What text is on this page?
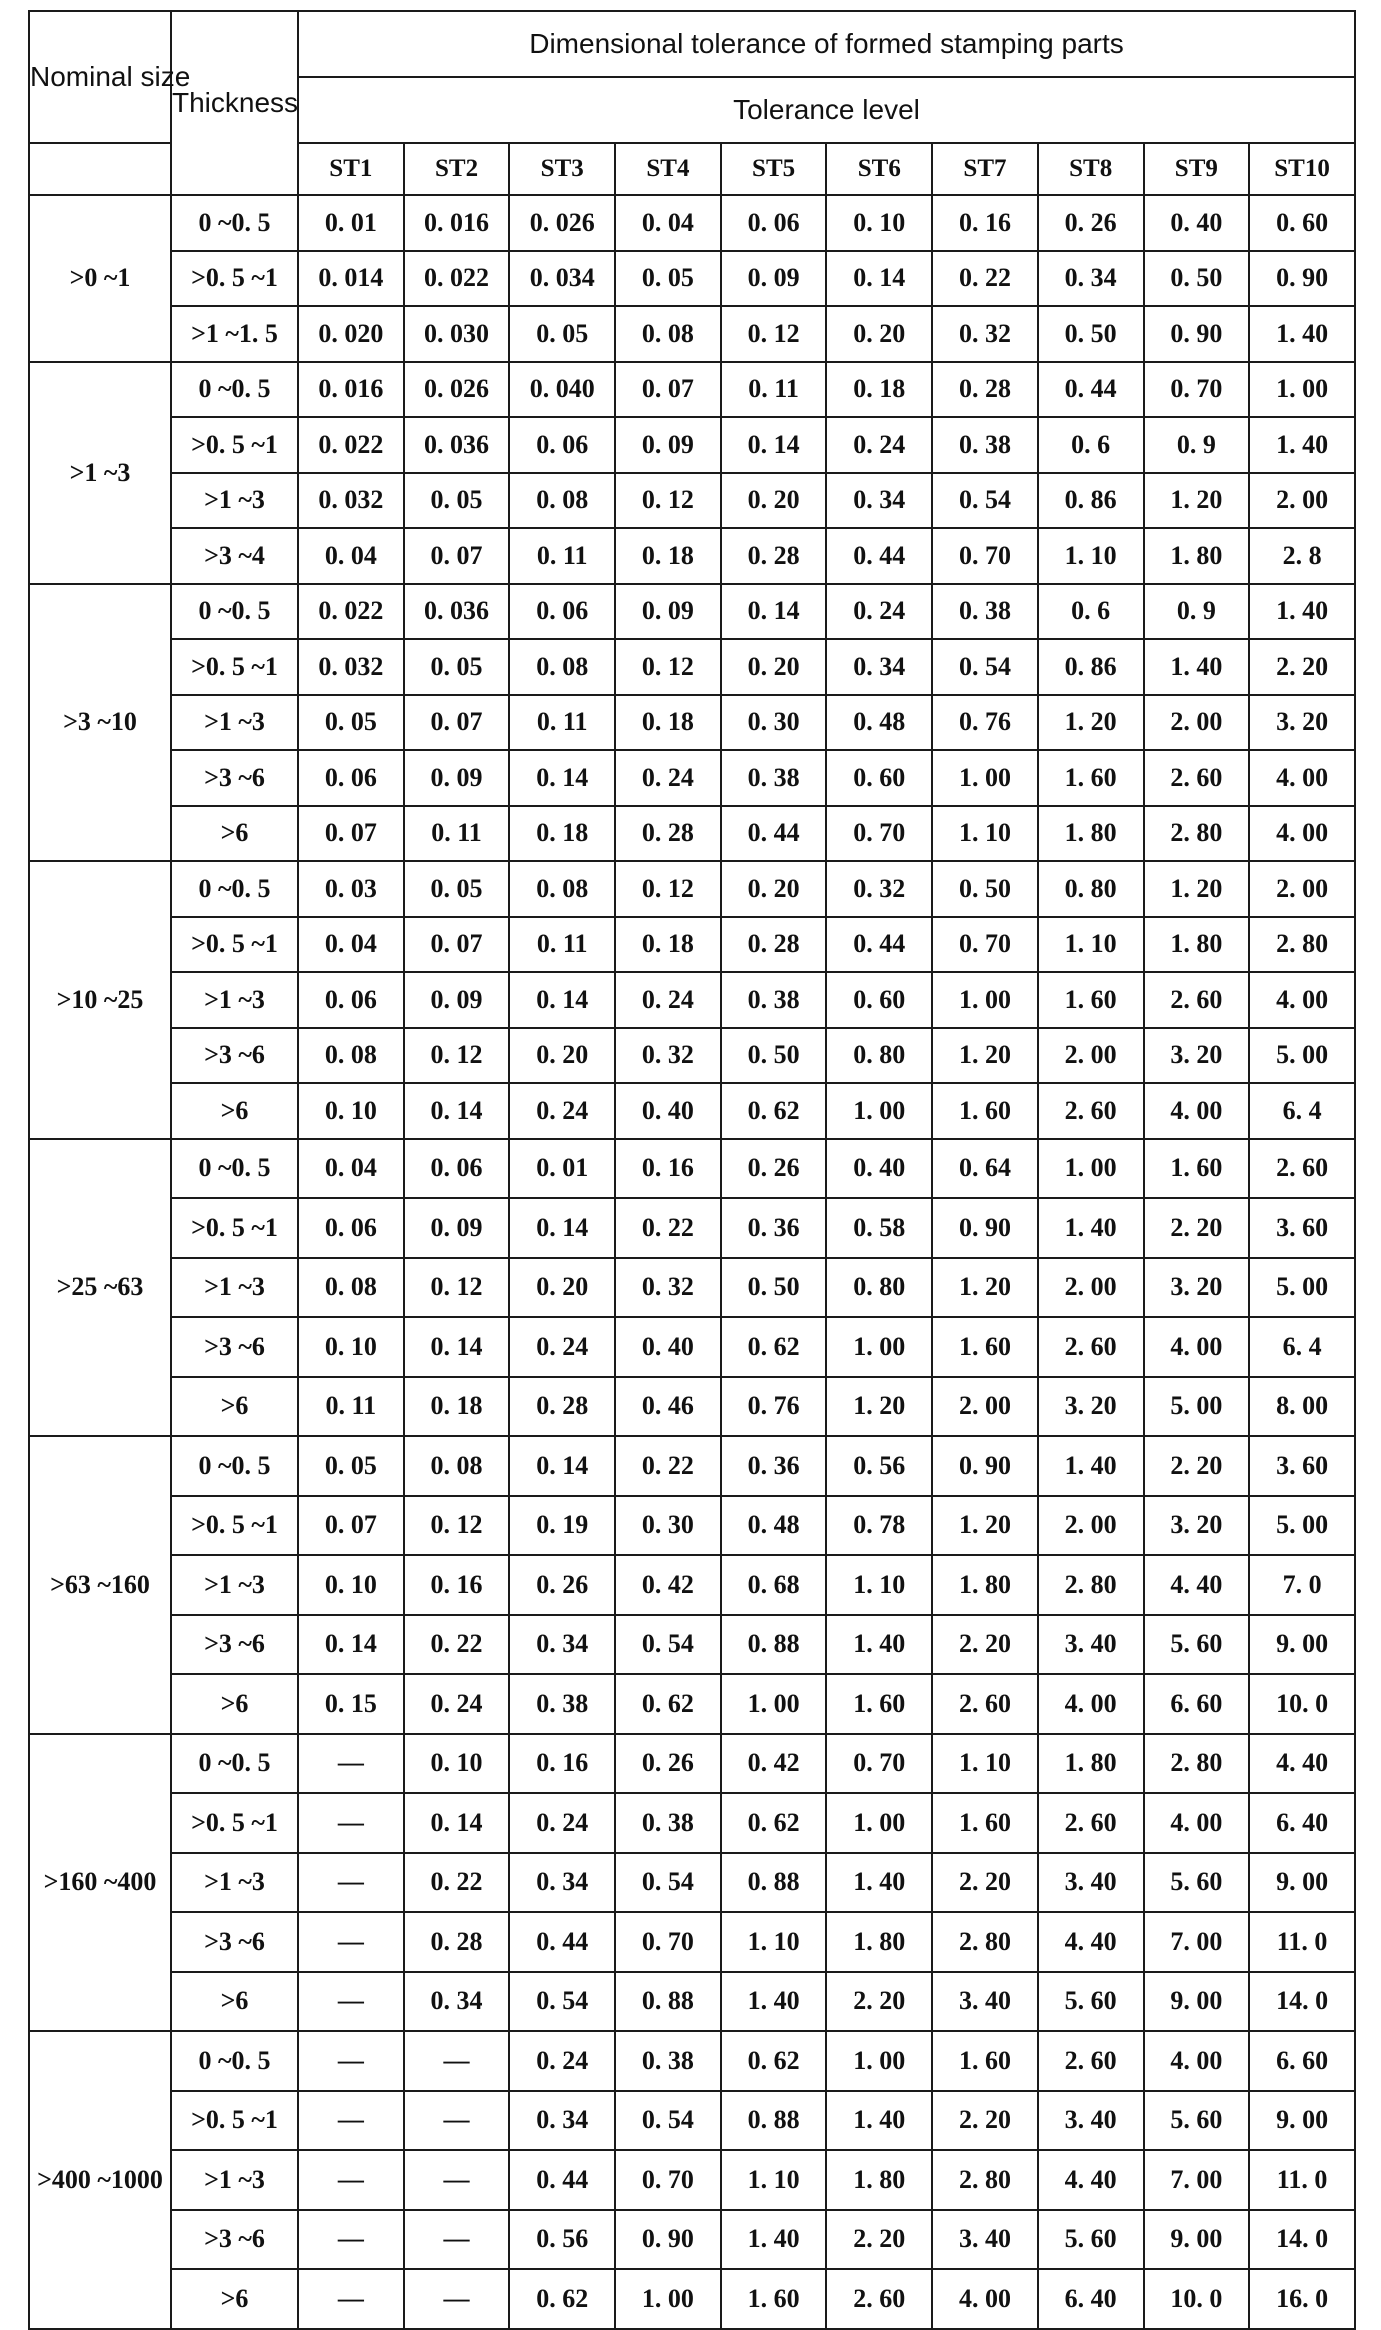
Nominal size	Thickness	Dimensional tolerance of formed stamping parts									
		Tolerance level									
		ST1	ST2	ST3	ST4	ST5	ST6	ST7	ST8	ST9	ST10
>0 ~1	0 ~0. 5	0. 01	0. 016	0. 026	0. 04	0. 06	0. 10	0. 16	0. 26	0. 40	0. 60
	>0. 5 ~1	0. 014	0. 022	0. 034	0. 05	0. 09	0. 14	0. 22	0. 34	0. 50	0. 90
	>1 ~1. 5	0. 020	0. 030	0. 05	0. 08	0. 12	0. 20	0. 32	0. 50	0. 90	1. 40
>1 ~3	0 ~0. 5	0. 016	0. 026	0. 040	0. 07	0. 11	0. 18	0. 28	0. 44	0. 70	1. 00
	>0. 5 ~1	0. 022	0. 036	0. 06	0. 09	0. 14	0. 24	0. 38	0. 6	0. 9	1. 40
	>1 ~3	0. 032	0. 05	0. 08	0. 12	0. 20	0. 34	0. 54	0. 86	1. 20	2. 00
	>3 ~4	0. 04	0. 07	0. 11	0. 18	0. 28	0. 44	0. 70	1. 10	1. 80	2. 8
>3 ~10	0 ~0. 5	0. 022	0. 036	0. 06	0. 09	0. 14	0. 24	0. 38	0. 6	0. 9	1. 40
	>0. 5 ~1	0. 032	0. 05	0. 08	0. 12	0. 20	0. 34	0. 54	0. 86	1. 40	2. 20
	>1 ~3	0. 05	0. 07	0. 11	0. 18	0. 30	0. 48	0. 76	1. 20	2. 00	3. 20
	>3 ~6	0. 06	0. 09	0. 14	0. 24	0. 38	0. 60	1. 00	1. 60	2. 60	4. 00
	>6	0. 07	0. 11	0. 18	0. 28	0. 44	0. 70	1. 10	1. 80	2. 80	4. 00
>10 ~25	0 ~0. 5	0. 03	0. 05	0. 08	0. 12	0. 20	0. 32	0. 50	0. 80	1. 20	2. 00
	>0. 5 ~1	0. 04	0. 07	0. 11	0. 18	0. 28	0. 44	0. 70	1. 10	1. 80	2. 80
	>1 ~3	0. 06	0. 09	0. 14	0. 24	0. 38	0. 60	1. 00	1. 60	2. 60	4. 00
	>3 ~6	0. 08	0. 12	0. 20	0. 32	0. 50	0. 80	1. 20	2. 00	3. 20	5. 00
	>6	0. 10	0. 14	0. 24	0. 40	0. 62	1. 00	1. 60	2. 60	4. 00	6. 4
>25 ~63	0 ~0. 5	0. 04	0. 06	0. 01	0. 16	0. 26	0. 40	0. 64	1. 00	1. 60	2. 60
	>0. 5 ~1	0. 06	0. 09	0. 14	0. 22	0. 36	0. 58	0. 90	1. 40	2. 20	3. 60
	>1 ~3	0. 08	0. 12	0. 20	0. 32	0. 50	0. 80	1. 20	2. 00	3. 20	5. 00
	>3 ~6	0. 10	0. 14	0. 24	0. 40	0. 62	1. 00	1. 60	2. 60	4. 00	6. 4
	>6	0. 11	0. 18	0. 28	0. 46	0. 76	1. 20	2. 00	3. 20	5. 00	8. 00
>63 ~160	0 ~0. 5	0. 05	0. 08	0. 14	0. 22	0. 36	0. 56	0. 90	1. 40	2. 20	3. 60
	>0. 5 ~1	0. 07	0. 12	0. 19	0. 30	0. 48	0. 78	1. 20	2. 00	3. 20	5. 00
	>1 ~3	0. 10	0. 16	0. 26	0. 42	0. 68	1. 10	1. 80	2. 80	4. 40	7. 0
	>3 ~6	0. 14	0. 22	0. 34	0. 54	0. 88	1. 40	2. 20	3. 40	5. 60	9. 00
	>6	0. 15	0. 24	0. 38	0. 62	1. 00	1. 60	2. 60	4. 00	6. 60	10. 0
>160 ~400	0 ~0. 5	—	0. 10	0. 16	0. 26	0. 42	0. 70	1. 10	1. 80	2. 80	4. 40
	>0. 5 ~1	—	0. 14	0. 24	0. 38	0. 62	1. 00	1. 60	2. 60	4. 00	6. 40
	>1 ~3	—	0. 22	0. 34	0. 54	0. 88	1. 40	2. 20	3. 40	5. 60	9. 00
	>3 ~6	—	0. 28	0. 44	0. 70	1. 10	1. 80	2. 80	4. 40	7. 00	11. 0
	>6	—	0. 34	0. 54	0. 88	1. 40	2. 20	3. 40	5. 60	9. 00	14. 0
>400 ~1000	0 ~0. 5	—	—	0. 24	0. 38	0. 62	1. 00	1. 60	2. 60	4. 00	6. 60
	>0. 5 ~1	—	—	0. 34	0. 54	0. 88	1. 40	2. 20	3. 40	5. 60	9. 00
	>1 ~3	—	—	0. 44	0. 70	1. 10	1. 80	2. 80	4. 40	7. 00	11. 0
	>3 ~6	—	—	0. 56	0. 90	1. 40	2. 20	3. 40	5. 60	9. 00	14. 0
	>6	—	—	0. 62	1. 00	1. 60	2. 60	4. 00	6. 40	10. 0	16. 0
